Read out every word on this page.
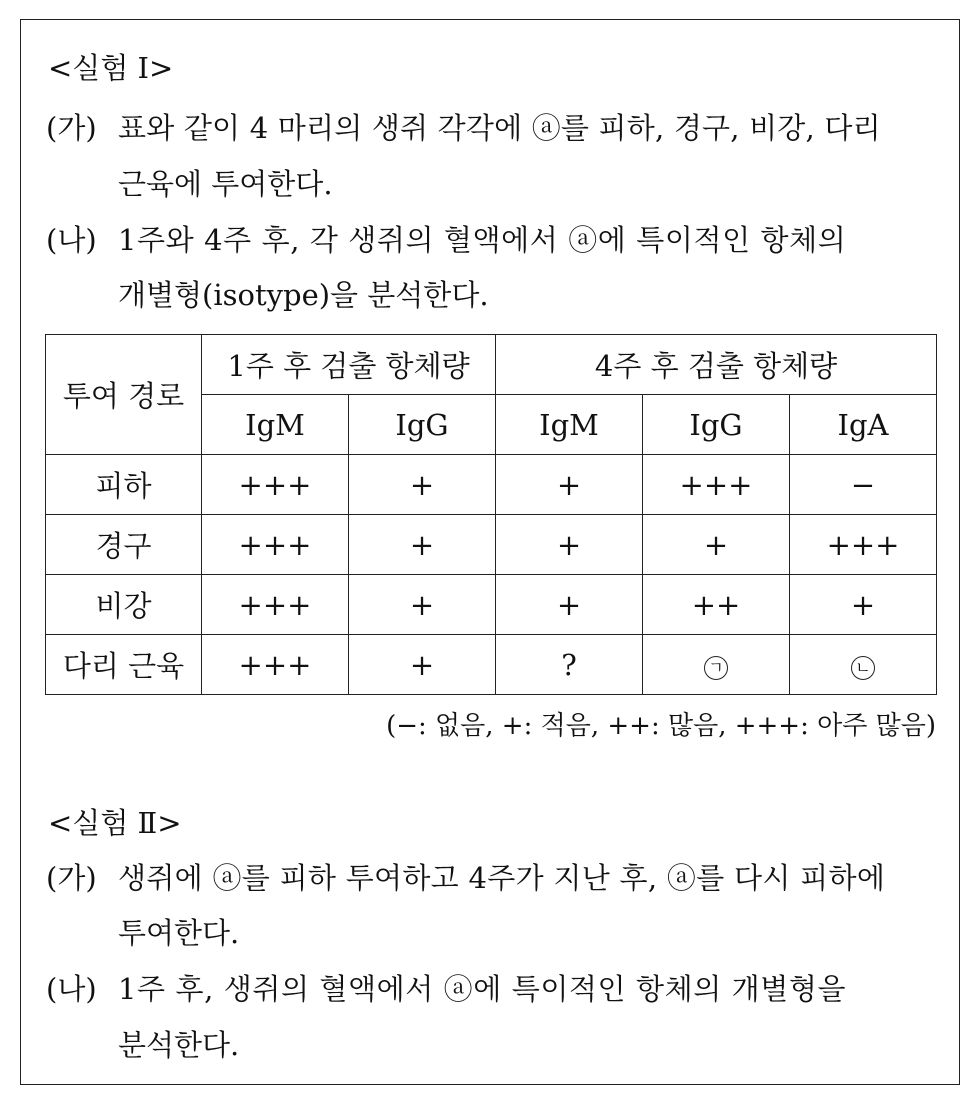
<실험 Ⅰ>
(가) 표와 같이 4 마리의 생쥐 각각에 ⓐ를 피하, 경구, 비강, 다리
근육에 투여한다.
(나) 1주와 4주 후, 각 생쥐의 혈액에서 ⓐ에 특이적인 항체의
개별형(isotype)을 분석한다.
투여 경로	1주 후 검출 항체량		4주 후 검출 항체량		
	IgM	IgG	IgM	IgG	IgA
피하	+++	+	+	+++	−
경구	+++	+	+	+	+++
비강	+++	+	+	++	+
다리 근육	+++	+	?	ㄱ	ㄴ
(−: 없음, +: 적음, ++: 많음, +++: 아주 많음)
<실험 Ⅱ>
(가) 생쥐에 ⓐ를 피하 투여하고 4주가 지난 후, ⓐ를 다시 피하에
투여한다.
(나) 1주 후, 생쥐의 혈액에서 ⓐ에 특이적인 항체의 개별형을
분석한다.
